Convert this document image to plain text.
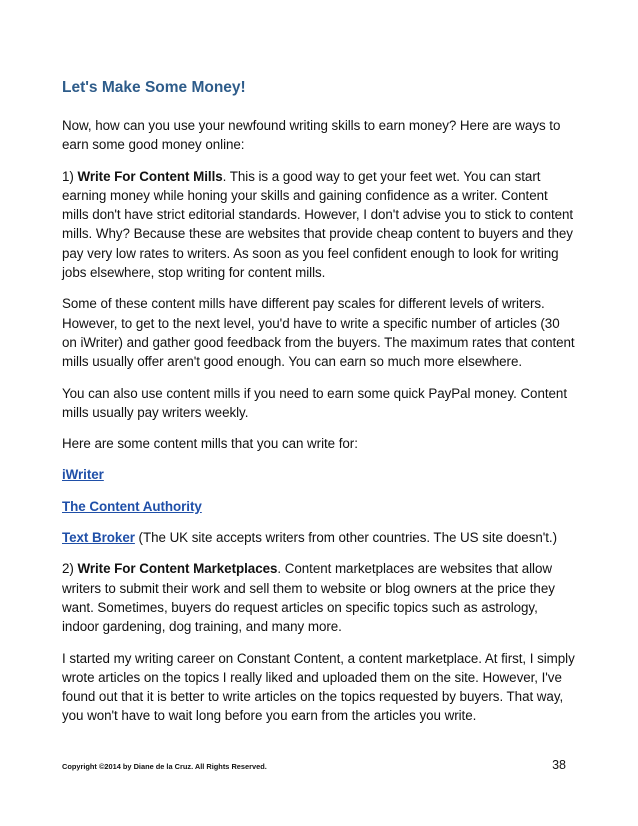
Let's Make Some Money!

Now, how can you use your newfound writing skills to earn money? Here are ways to earn some good money online:

1) Write For Content Mills. This is a good way to get your feet wet. You can start earning money while honing your skills and gaining confidence as a writer. Content mills don't have strict editorial standards. However, I don't advise you to stick to content mills. Why? Because these are websites that provide cheap content to buyers and they pay very low rates to writers. As soon as you feel confident enough to look for writing jobs elsewhere, stop writing for content mills.

Some of these content mills have different pay scales for different levels of writers. However, to get to the next level, you'd have to write a specific number of articles (30 on iWriter) and gather good feedback from the buyers. The maximum rates that content mills usually offer aren't good enough. You can earn so much more elsewhere.

You can also use content mills if you need to earn some quick PayPal money. Content mills usually pay writers weekly.

Here are some content mills that you can write for:

iWriter

The Content Authority

Text Broker (The UK site accepts writers from other countries. The US site doesn't.)

2) Write For Content Marketplaces. Content marketplaces are websites that allow writers to submit their work and sell them to website or blog owners at the price they want. Sometimes, buyers do request articles on specific topics such as astrology, indoor gardening, dog training, and many more.

I started my writing career on Constant Content, a content marketplace. At first, I simply wrote articles on the topics I really liked and uploaded them on the site. However, I've found out that it is better to write articles on the topics requested by buyers. That way, you won't have to wait long before you earn from the articles you write.

Copyright ©2014 by Diane de la Cruz. All Rights Reserved.	38
